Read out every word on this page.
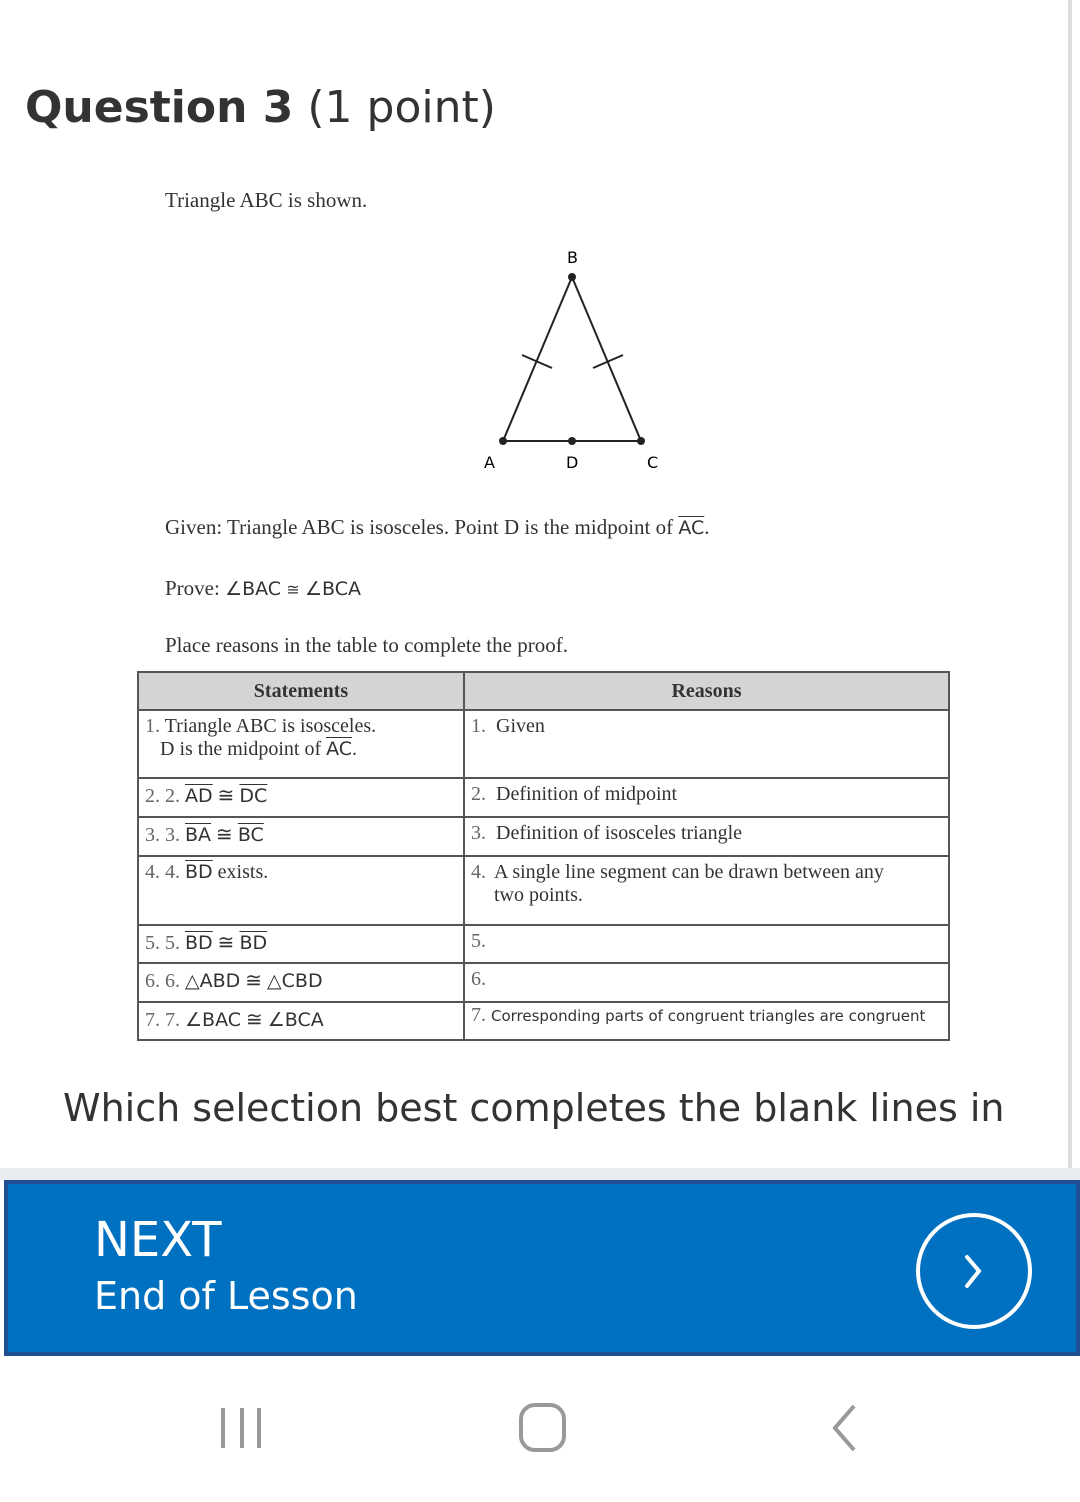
Question 3 (1 point)
Triangle ABC is shown.
B
A	D	C
Given: Triangle ABC is isosceles. Point D is the midpoint of $\overline{AC}$.
Prove: ∠BAC ≅ ∠BCA
Place reasons in the table to complete the proof.
Statements	Reasons
1. Triangle ABC is isosceles.
D is the midpoint of $\overline{AC}$.	1. Given
2. 2. $\overline{AD}$ ≅ $\overline{DC}$	2. Definition of midpoint
3. 3. $\overline{BA}$ ≅ $\overline{BC}$	3. Definition of isosceles triangle
4. 4. $\overline{BD}$ exists.	4. A single line segment can be drawn between any two points.

5. 5. $\overline{BD}$ ≅ $\overline{BD}$	5.
6. 6. △ABD ≅ △CBD	6.
7. 7. ∠BAC ≅ ∠BCA	7. Corresponding parts of congruent triangles are congruent
Which selection best completes the blank lines in
NEXT
End of Lesson
